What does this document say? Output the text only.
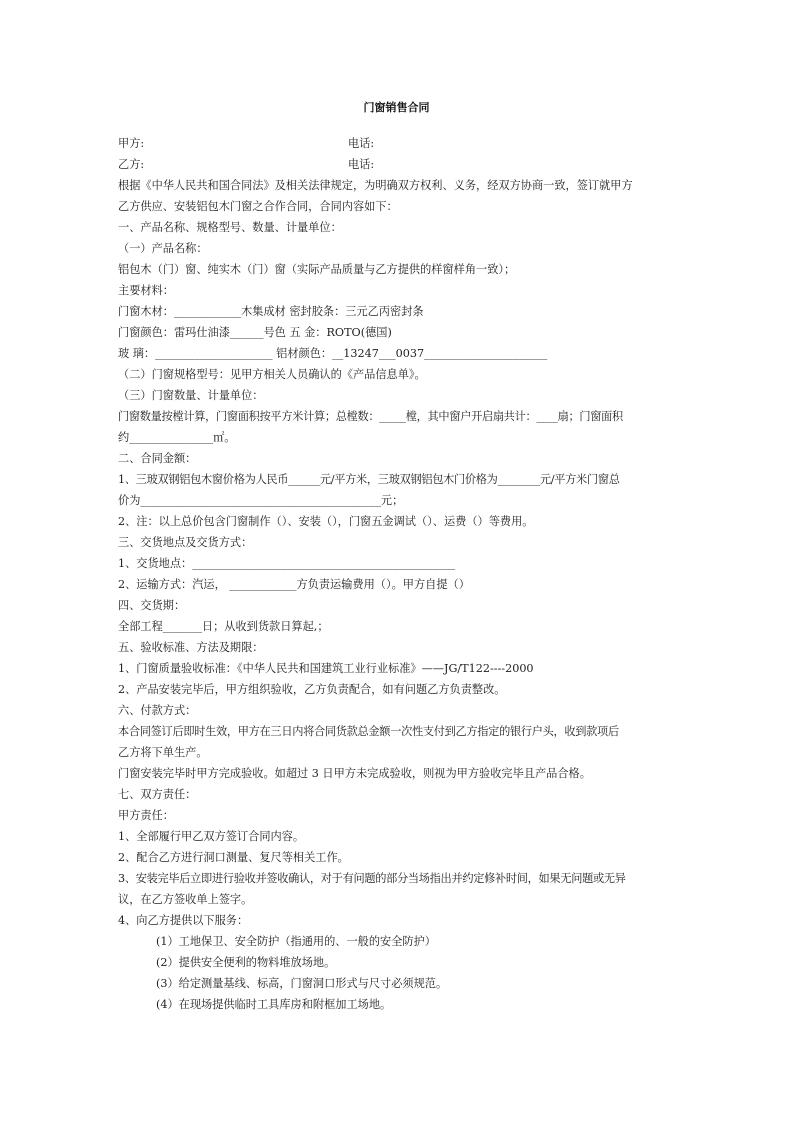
门窗销售合同
甲方:	电话:
乙方:	电话:
根据《中华人民共和国合同法》及相关法律规定，为明确双方权利、义务，经双方协商一致，签订就甲方
乙方供应、安装铝包木门窗之合作合同，合同内容如下：
一、产品名称、规格型号、数量、计量单位：
（一）产品名称：
铝包木（门）窗、纯实木（门）窗（实际产品质量与乙方提供的样窗样角一致）；
主要材料：
门窗木材：____________木集成材 密封胶条：三元乙丙密封条
门窗颜色：雷玛仕油漆______号色 五 金：ROTO(德国)
玻 璃：_____________________ 铝材颜色：__13247___0037______________________
（二）门窗规格型号：见甲方相关人员确认的《产品信息单》。
（三）门窗数量、计量单位：
门窗数量按樘计算，门窗面积按平方米计算；总樘数：_____樘，其中窗户开启扇共计：____扇；门窗面积
约_______________㎡。
二、合同金额：
1、三玻双钢铝包木窗价格为人民币______元/平方米，三玻双钢铝包木门价格为________元/平方米门窗总
价为___________________________________________元；
2、注：以上总价包含门窗制作（）、安装（），门窗五金调试（）、运费（）等费用。
三、交货地点及交货方式：
1、交货地点：_______________________________________________
2、运输方式：汽运， ____________方负责运输费用（）。甲方自提（）
四、交货期：
全部工程_______日；从收到货款日算起,；
五、验收标准、方法及期限：
1、门窗质量验收标准：《中华人民共和国建筑工业行业标准》——JG/T122----2000
2、产品安装完毕后，甲方组织验收，乙方负责配合，如有问题乙方负责整改。
六、付款方式：
本合同签订后即时生效，甲方在三日内将合同货款总金额一次性支付到乙方指定的银行户头，收到款项后
乙方将下单生产。
门窗安装完毕时甲方完成验收。如超过 3 日甲方未完成验收，则视为甲方验收完毕且产品合格。
七、双方责任：
甲方责任：
1、全部履行甲乙双方签订合同内容。
2、配合乙方进行洞口测量、复尺等相关工作。
3、安装完毕后立即进行验收并签收确认，对于有问题的部分当场指出并约定修补时间，如果无问题或无异
议，在乙方签收单上签字。
4、向乙方提供以下服务：
(1）工地保卫、安全防护（指通用的、一般的安全防护）
(2）提供安全便利的物料堆放场地。
(3）给定测量基线、标高，门窗洞口形式与尺寸必须规范。
(4）在现场提供临时工具库房和附框加工场地。
